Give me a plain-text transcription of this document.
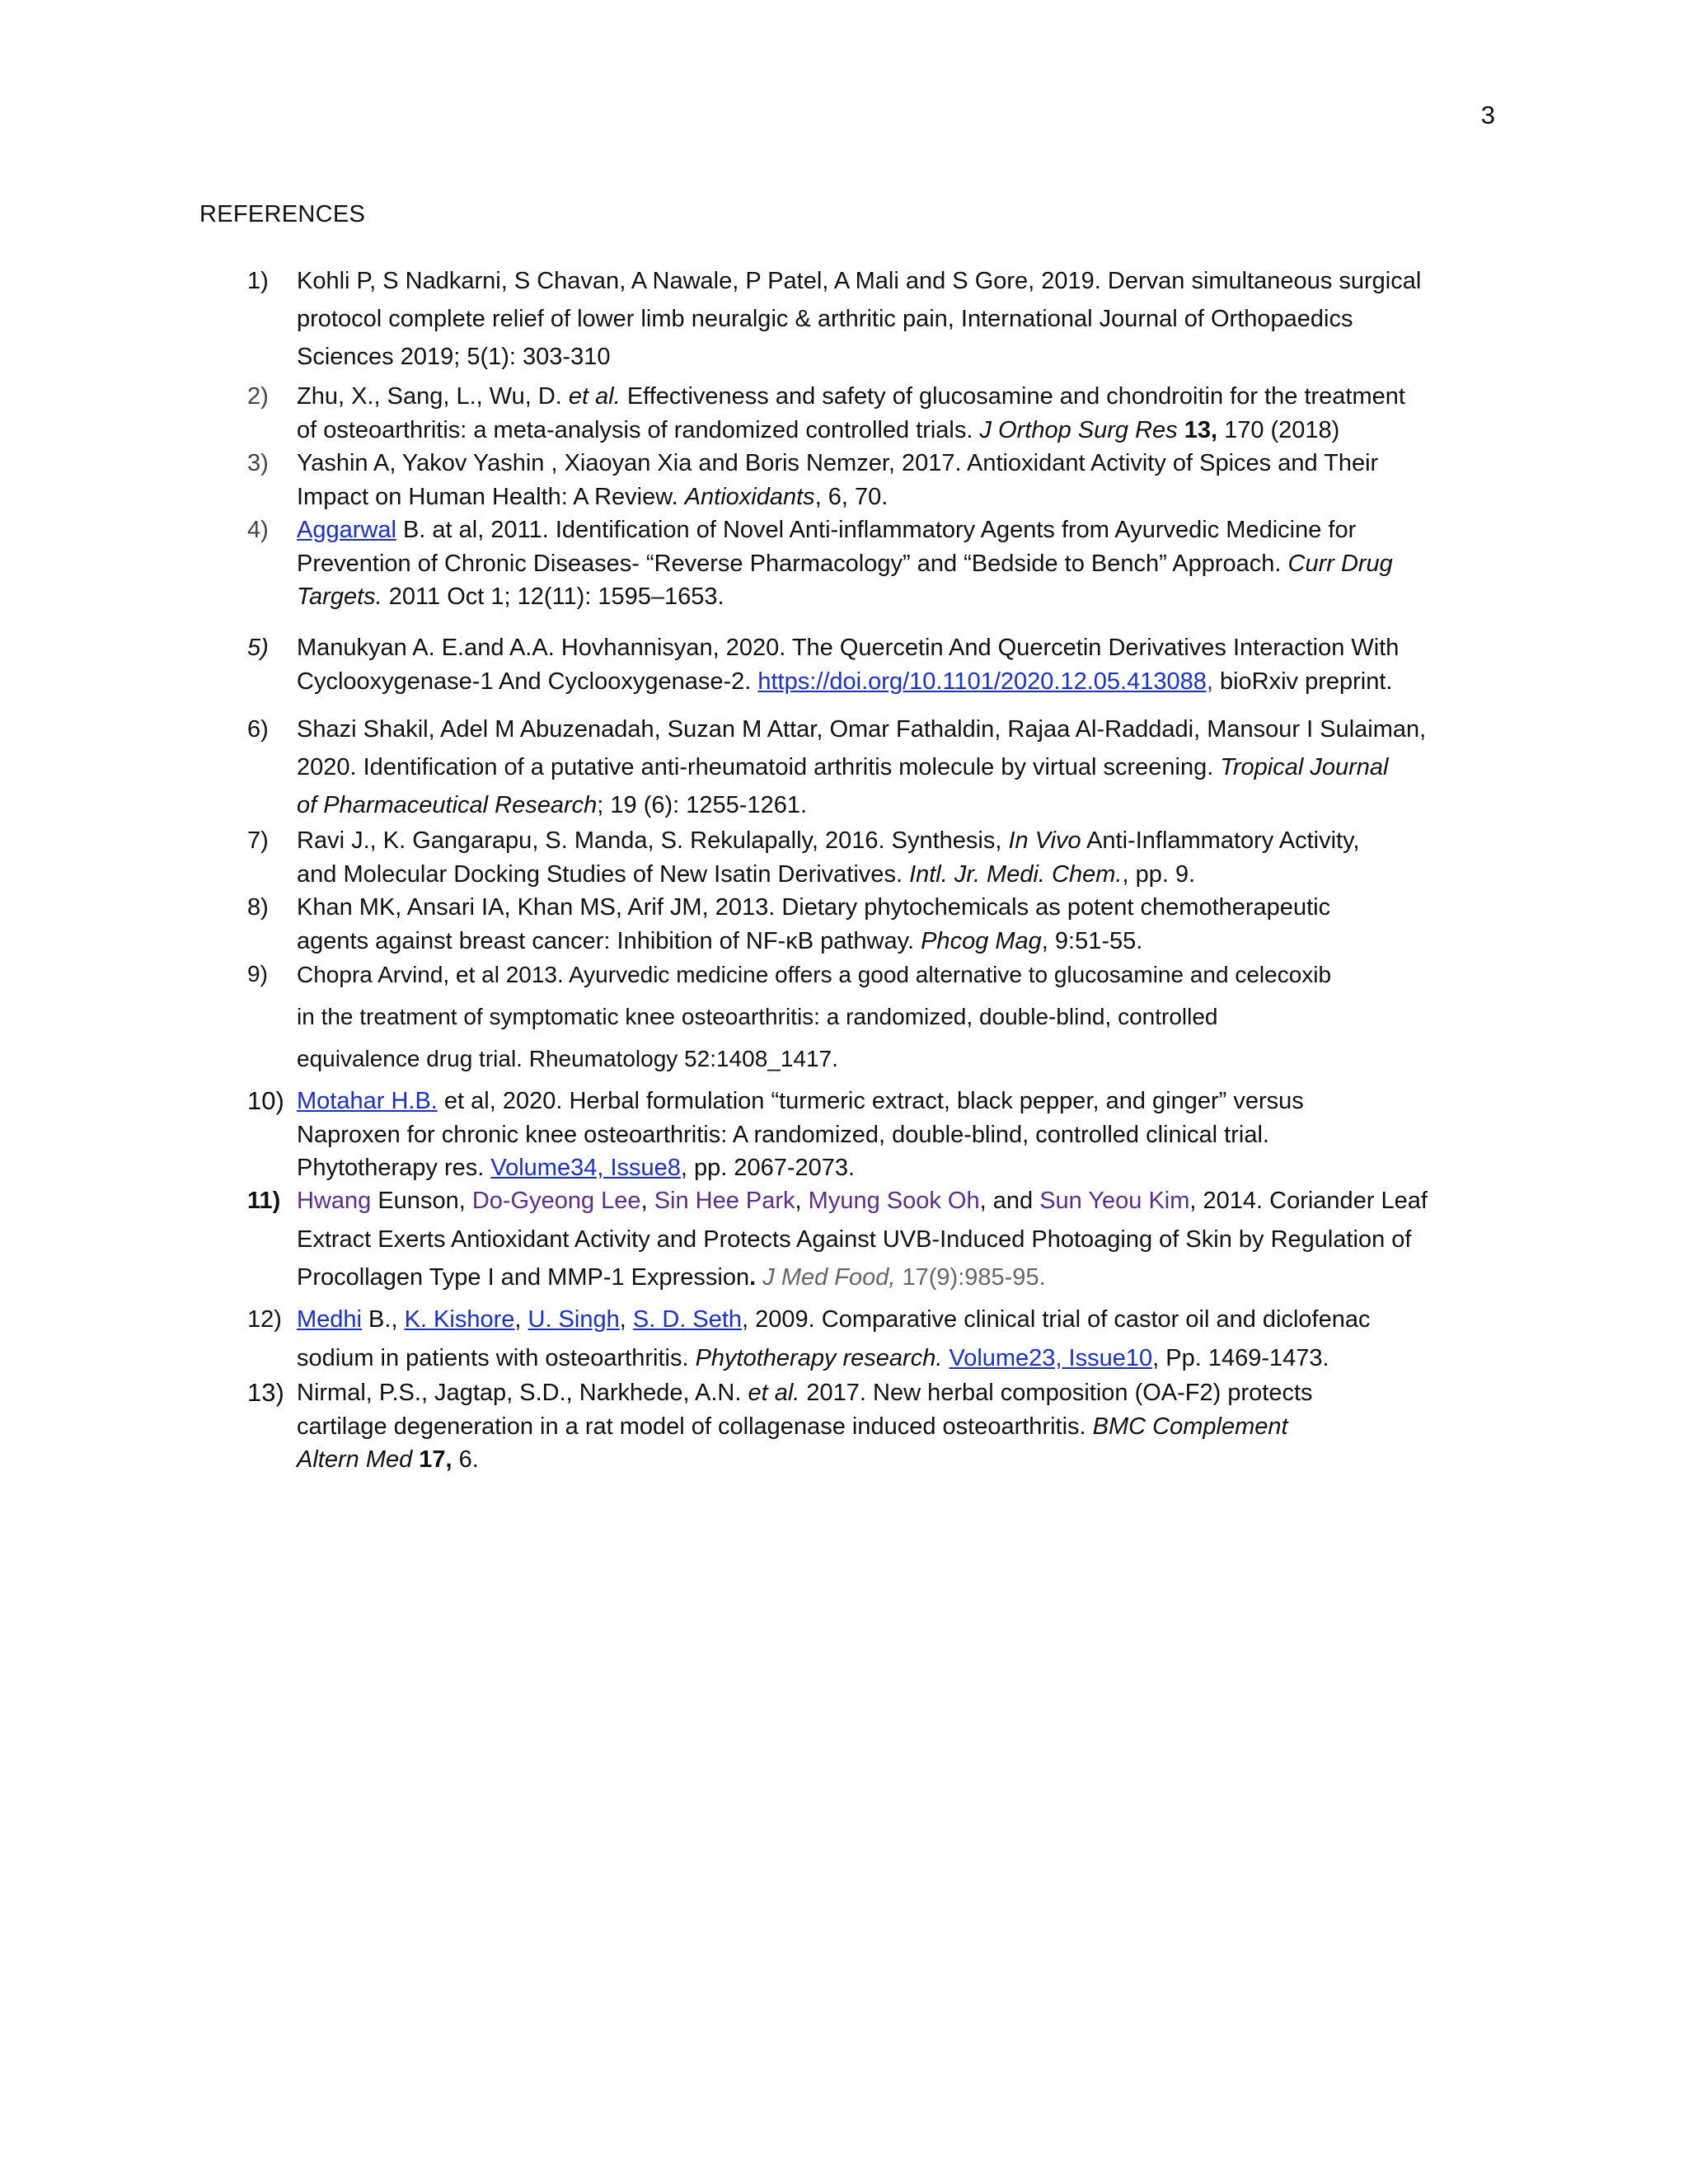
3
REFERENCES
1)	Kohli P, S Nadkarni, S Chavan, A Nawale, P Patel, A Mali and S Gore, 2019. Dervan simultaneous surgical
protocol complete relief of lower limb neuralgic & arthritic pain, International Journal of Orthopaedics
Sciences 2019; 5(1): 303-310
2)	Zhu, X., Sang, L., Wu, D. et al. Effectiveness and safety of glucosamine and chondroitin for the treatment
of osteoarthritis: a meta-analysis of randomized controlled trials. J Orthop Surg Res 13, 170 (2018)
3)	Yashin A, Yakov Yashin , Xiaoyan Xia and Boris Nemzer, 2017. Antioxidant Activity of Spices and Their
Impact on Human Health: A Review. Antioxidants, 6, 70.
4)	Aggarwal B. at al, 2011. Identification of Novel Anti-inflammatory Agents from Ayurvedic Medicine for
Prevention of Chronic Diseases- “Reverse Pharmacology” and “Bedside to Bench” Approach. Curr Drug
Targets. 2011 Oct 1; 12(11): 1595–1653.
5)	Manukyan A. E.and A.A. Hovhannisyan, 2020. The Quercetin And Quercetin Derivatives Interaction With
Cyclooxygenase-1 And Cyclooxygenase-2. https://doi.org/10.1101/2020.12.05.413088, bioRxiv preprint.
6)	Shazi Shakil, Adel M Abuzenadah, Suzan M Attar, Omar Fathaldin, Rajaa Al-Raddadi, Mansour I Sulaiman,
2020. Identification of a putative anti-rheumatoid arthritis molecule by virtual screening. Tropical Journal
of Pharmaceutical Research; 19 (6): 1255-1261.
7)	Ravi J., K. Gangarapu, S. Manda, S. Rekulapally, 2016. Synthesis, In Vivo Anti-Inflammatory Activity,
and Molecular Docking Studies of New Isatin Derivatives. Intl. Jr. Medi. Chem., pp. 9.
8)	Khan MK, Ansari IA, Khan MS, Arif JM, 2013. Dietary phytochemicals as potent chemotherapeutic
agents against breast cancer: Inhibition of NF-κB pathway. Phcog Mag, 9:51-55.
9)	Chopra Arvind, et al 2013. Ayurvedic medicine offers a good alternative to glucosamine and celecoxib
in the treatment of symptomatic knee osteoarthritis: a randomized, double-blind, controlled
equivalence drug trial. Rheumatology 52:1408_1417.
10) Motahar H.B. et al, 2020. Herbal formulation “turmeric extract, black pepper, and ginger” versus
Naproxen for chronic knee osteoarthritis: A randomized, double-blind, controlled clinical trial.
Phytotherapy res. Volume34, Issue8, pp. 2067-2073.
11) Hwang Eunson, Do-Gyeong Lee, Sin Hee Park, Myung Sook Oh, and Sun Yeou Kim, 2014. Coriander Leaf
Extract Exerts Antioxidant Activity and Protects Against UVB-Induced Photoaging of Skin by Regulation of
Procollagen Type I and MMP-1 Expression. J Med Food, 17(9):985-95.
12) Medhi B., K. Kishore, U. Singh, S. D. Seth, 2009. Comparative clinical trial of castor oil and diclofenac
sodium in patients with osteoarthritis. Phytotherapy research. Volume23, Issue10, Pp. 1469-1473.
13) Nirmal, P.S., Jagtap, S.D., Narkhede, A.N. et al. 2017. New herbal composition (OA-F2) protects
cartilage degeneration in a rat model of collagenase induced osteoarthritis. BMC Complement
Altern Med 17, 6.
